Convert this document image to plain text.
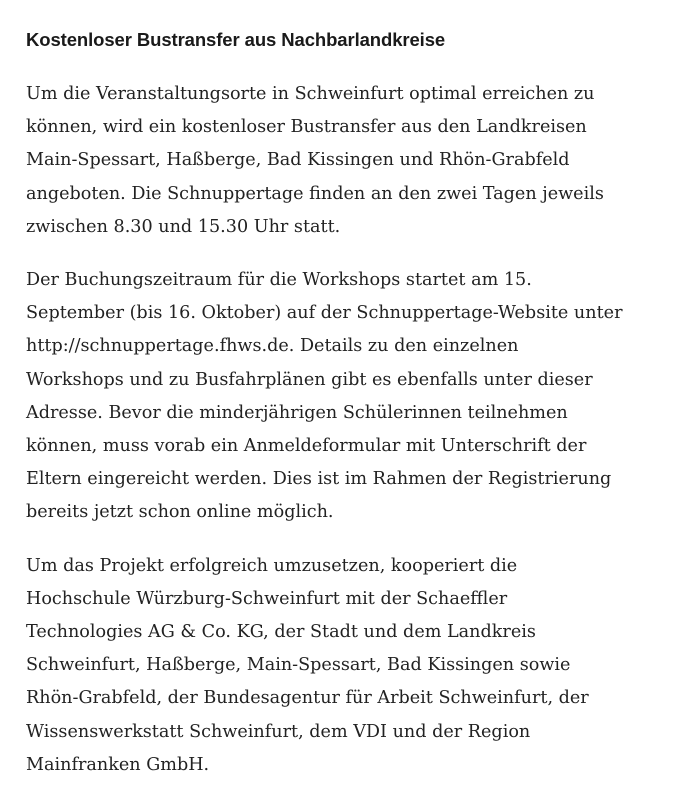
Kostenloser Bustransfer aus Nachbarlandkreise

Um die Veranstaltungsorte in Schweinfurt optimal erreichen zu
können, wird ein kostenloser Bustransfer aus den Landkreisen
Main-Spessart, Haßberge, Bad Kissingen und Rhön-Grabfeld
angeboten. Die Schnuppertage finden an den zwei Tagen jeweils
zwischen 8.30 und 15.30 Uhr statt.

Der Buchungszeitraum für die Workshops startet am 15.
September (bis 16. Oktober) auf der Schnuppertage-Website unter
http://schnuppertage.fhws.de. Details zu den einzelnen
Workshops und zu Busfahrplänen gibt es ebenfalls unter dieser
Adresse. Bevor die minderjährigen Schülerinnen teilnehmen
können, muss vorab ein Anmeldeformular mit Unterschrift der
Eltern eingereicht werden. Dies ist im Rahmen der Registrierung
bereits jetzt schon online möglich.

Um das Projekt erfolgreich umzusetzen, kooperiert die
Hochschule Würzburg-Schweinfurt mit der Schaeffler
Technologies AG & Co. KG, der Stadt und dem Landkreis
Schweinfurt, Haßberge, Main-Spessart, Bad Kissingen sowie
Rhön-Grabfeld, der Bundesagentur für Arbeit Schweinfurt, der
Wissenswerkstatt Schweinfurt, dem VDI und der Region
Mainfranken GmbH.
